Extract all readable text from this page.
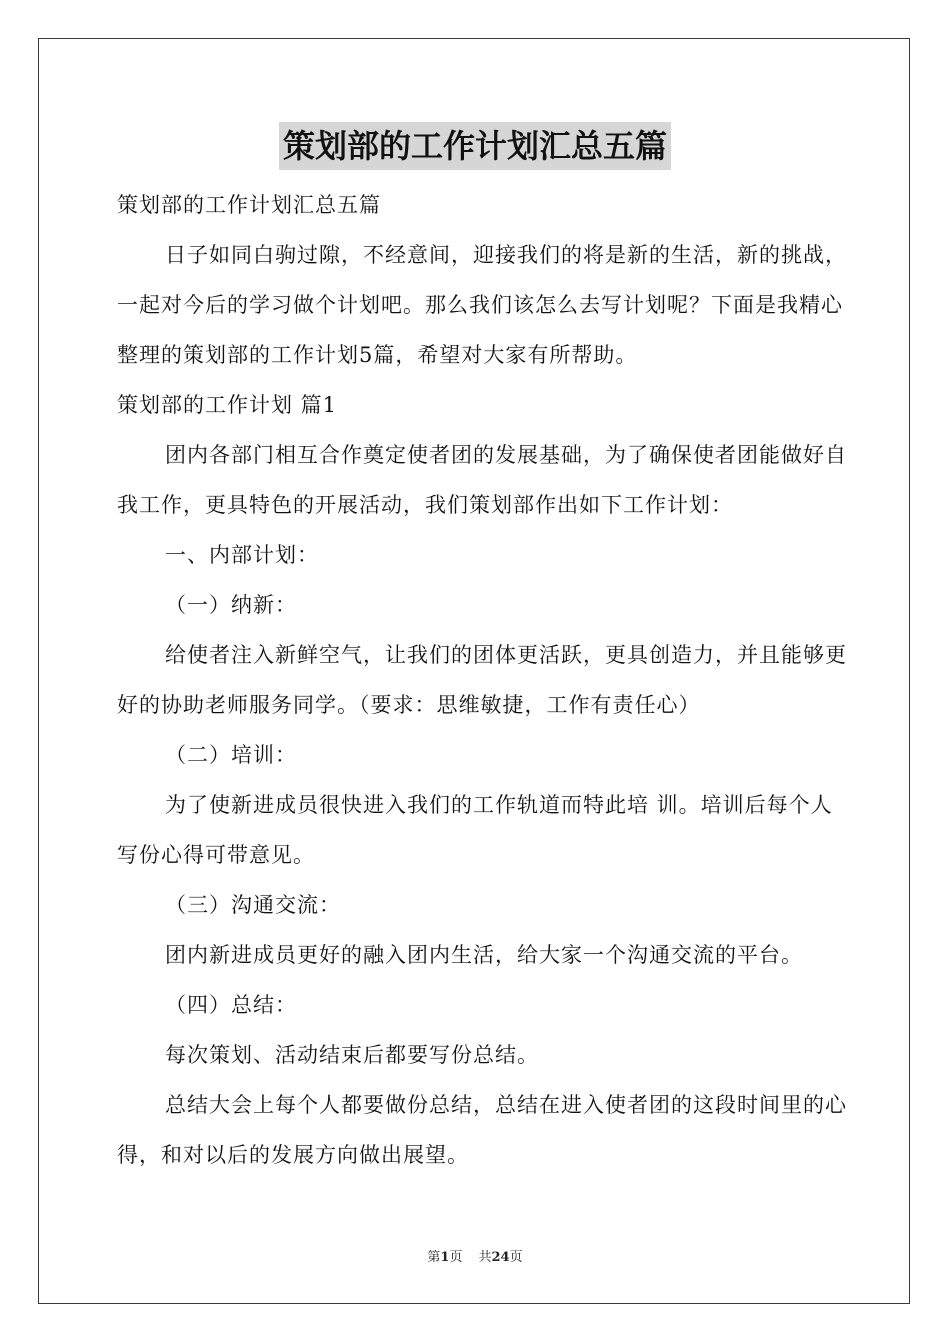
策划部的工作计划汇总五篇

策划部的工作计划汇总五篇

日子如同白驹过隙，不经意间，迎接我们的将是新的生活，新的挑战，一起对今后的学习做个计划吧。那么我们该怎么去写计划呢？下面是我精心整理的策划部的工作计划5篇，希望对大家有所帮助。

策划部的工作计划 篇1

团内各部门相互合作奠定使者团的发展基础，为了确保使者团能做好自我工作，更具特色的开展活动，我们策划部作出如下工作计划：

一、内部计划：

（一）纳新：

给使者注入新鲜空气，让我们的团体更活跃，更具创造力，并且能够更好的协助老师服务同学。（要求：思维敏捷，工作有责任心）

（二）培训：

为了使新进成员很快进入我们的工作轨道而特此培 训。培训后每个人写份心得可带意见。

（三）沟通交流：

团内新进成员更好的融入团内生活，给大家一个沟通交流的平台。

（四）总结：

每次策划、活动结束后都要写份总结。

总结大会上每个人都要做份总结，总结在进入使者团的这段时间里的心得，和对以后的发展方向做出展望。

第1页 共24页
